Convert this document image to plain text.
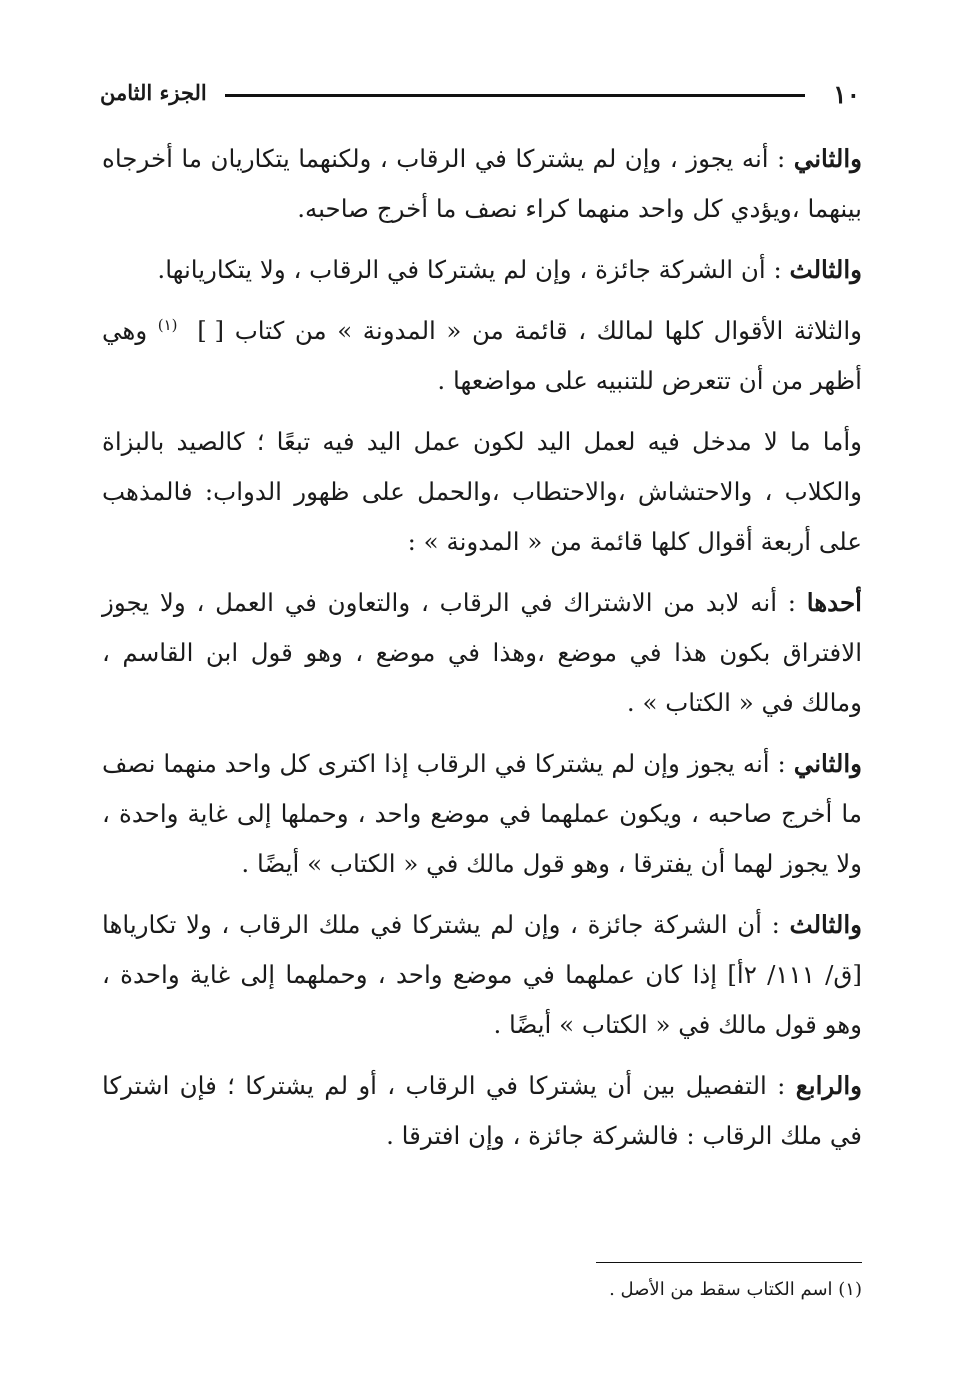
١٠
الجزء الثامن

والثاني : أنه يجوز ، وإن لم يشتركا في الرقاب ، ولكنهما يتكاريان ما أخرجاه بينهما ،ويؤدي كل واحد منهما كراء نصف ما أخرج صاحبه.

والثالث : أن الشركة جائزة ، وإن لم يشتركا في الرقاب ، ولا يتكاريانها.

والثلاثة الأقوال كلها لمالك ، قائمة من « المدونة » من كتاب [ ] $^{(١)}$ وهي أظهر من أن تتعرض للتنبيه على مواضعها .

وأما ما لا مدخل فيه لعمل اليد لكون عمل اليد فيه تبعًا ؛ كالصيد بالبزاة والكلاب ، والاحتشاش ،والاحتطاب ،والحمل على ظهور الدواب: فالمذهب على أربعة أقوال كلها قائمة من « المدونة » :

أحدها : أنه لابد من الاشتراك في الرقاب ، والتعاون في العمل ، ولا يجوز الافتراق بكون هذا في موضع ،وهذا في موضع ، وهو قول ابن القاسم ، ومالك في « الكتاب » .

والثاني : أنه يجوز وإن لم يشتركا في الرقاب إذا اكترى كل واحد منهما نصف ما أخرج صاحبه ، ويكون عملهما في موضع واحد ، وحملها إلى غاية واحدة ، ولا يجوز لهما أن يفترقا ، وهو قول مالك في « الكتاب » أيضًا .

والثالث : أن الشركة جائزة ، وإن لم يشتركا في ملك الرقاب ، ولا تكارياها [ق/ ١١١/ ٢أ] إذا كان عملهما في موضع واحد ، وحملهما إلى غاية واحدة ، وهو قول مالك في « الكتاب » أيضًا .

والرابع : التفصيل بين أن يشتركا في الرقاب ، أو لم يشتركا ؛ فإن اشتركا في ملك الرقاب : فالشركة جائزة ، وإن افترقا .

(١) اسم الكتاب سقط من الأصل .
